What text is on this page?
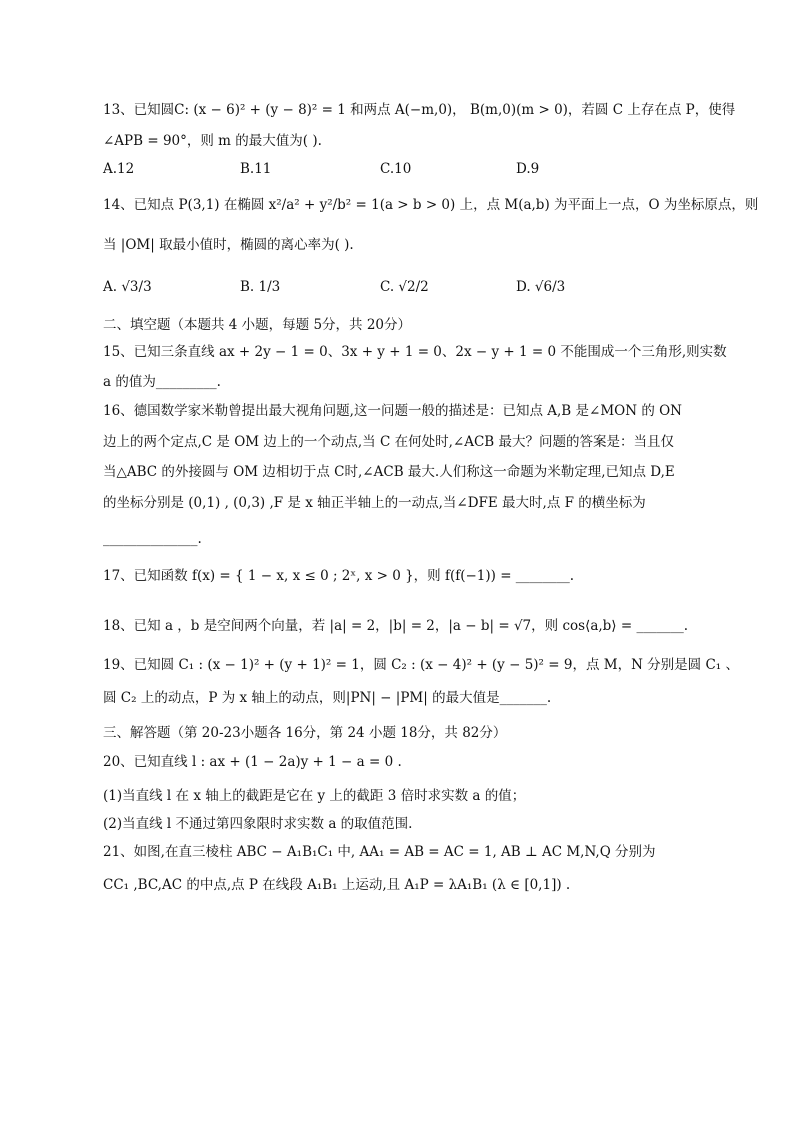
13、已知圆C: (x − 6)² + (y − 8)² = 1 和两点 A(−m,0)， B(m,0)(m > 0)，若圆 C 上存在点 P，使得
∠APB = 90°，则 m 的最大值为( ).
A.12	B.11	C.10	D.9
14、已知点 P(3,1) 在椭圆 x²/a² + y²/b² = 1(a > b > 0) 上，点 M(a,b) 为平面上一点，O 为坐标原点，则
当 |OM| 取最小值时，椭圆的离心率为( ).
A. √3/3	B. 1/3	C. √2/2	D. √6/3
二、填空题（本题共 4 小题，每题 5分，共 20分）
15、已知三条直线 ax + 2y − 1 = 0、3x + y + 1 = 0、2x − y + 1 = 0 不能围成一个三角形,则实数
a 的值为_________.
16、德国数学家米勒曾提出最大视角问题,这一问题一般的描述是：已知点 A,B 是∠MON 的 ON
边上的两个定点,C 是 OM 边上的一个动点,当 C 在何处时,∠ACB 最大？问题的答案是：当且仅
当△ABC 的外接圆与 OM 边相切于点 C时,∠ACB 最大.人们称这一命题为米勒定理,已知点 D,E
的坐标分别是 (0,1) , (0,3) ,F 是 x 轴正半轴上的一动点,当∠DFE 最大时,点 F 的横坐标为
______________.
17、已知函数 f(x) = { 1 − x, x ≤ 0 ; 2ˣ, x > 0 }，则 f(f(−1)) = ________.
18、已知 a ，b 是空间两个向量，若 |a| = 2，|b| = 2，|a − b| = √7，则 cos⟨a,b⟩ = _______.
19、已知圆 C₁ : (x − 1)² + (y + 1)² = 1，圆 C₂ : (x − 4)² + (y − 5)² = 9，点 M，N 分别是圆 C₁ 、
圆 C₂ 上的动点，P 为 x 轴上的动点，则|PN| − |PM| 的最大值是_______.
三、解答题（第 20-23小题各 16分，第 24 小题 18分，共 82分）
20、已知直线 l : ax + (1 − 2a)y + 1 − a = 0 .
(1)当直线 l 在 x 轴上的截距是它在 y 上的截距 3 倍时求实数 a 的值；
(2)当直线 l 不通过第四象限时求实数 a 的取值范围.
21、如图,在直三棱柱 ABC − A₁B₁C₁ 中, AA₁ = AB = AC = 1, AB ⊥ AC M,N,Q 分别为
CC₁ ,BC,AC 的中点,点 P 在线段 A₁B₁ 上运动,且 A₁P = λA₁B₁ (λ ∈ [0,1]) .
